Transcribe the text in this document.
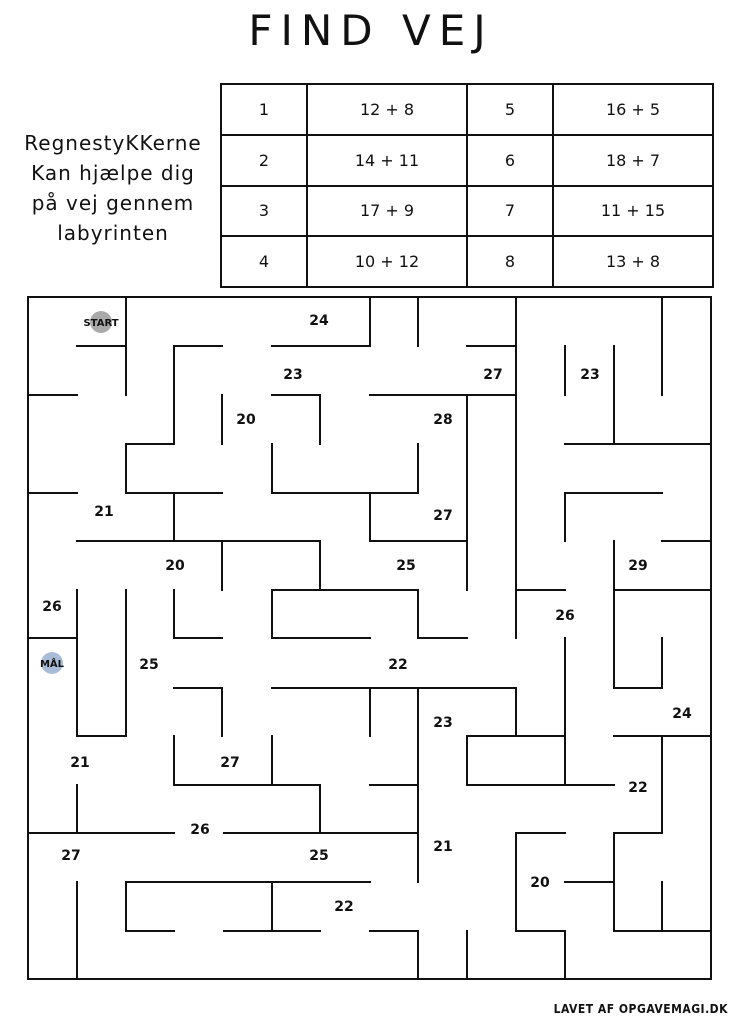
FIND VEJ
RegnestyKKerne
Kan hjælpe dig
på vej gennem
labyrinten
1	12 + 8	5	16 + 5
2	14 + 11	6	18 + 7
3	17 + 9	7	11 + 15
4	10 + 12	8	13 + 8
START
MÅL
24
23	27	23
20	28
21	27
20	25	29
26
26
25	22
23
24
21	27
22
26
27	25
21
20
22
LAVET AF OPGAVEMAGI.DK
